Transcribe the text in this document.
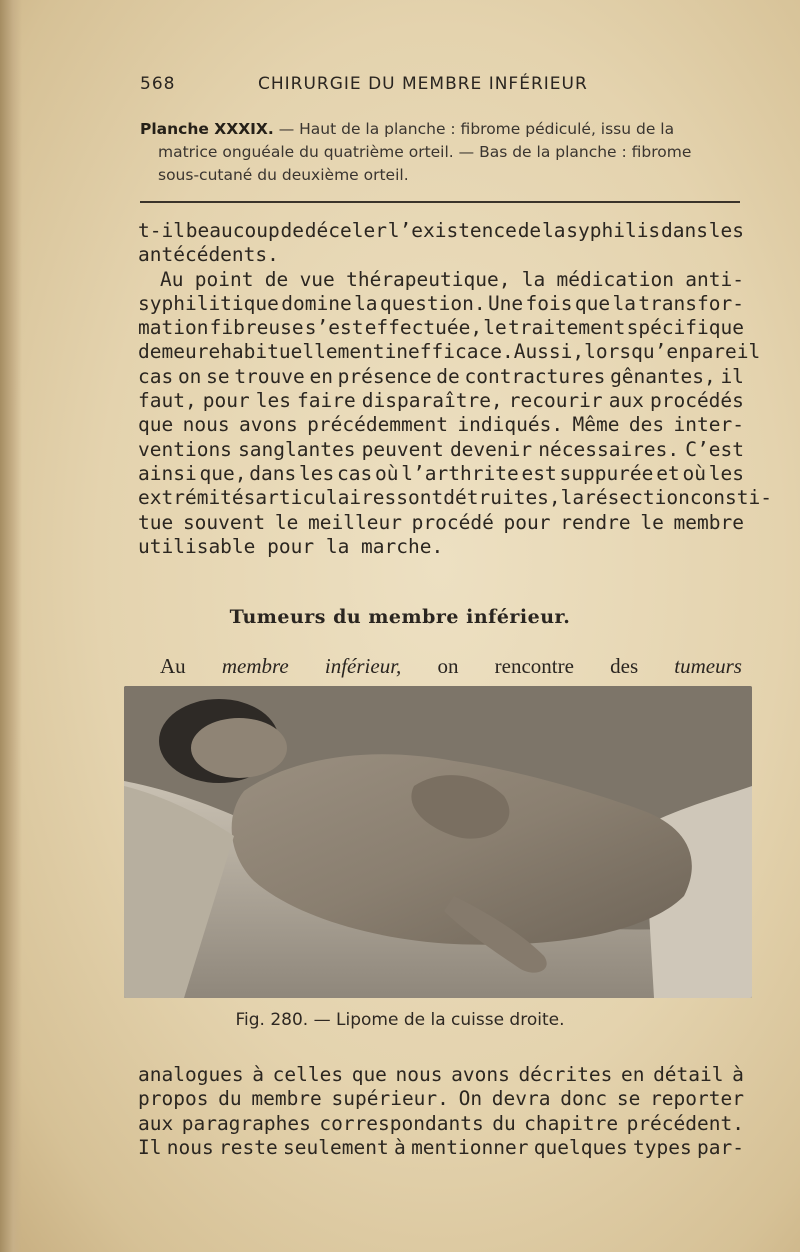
568	CHIRURGIE DU MEMBRE INFÉRIEUR
Planche XXXIX. — Haut de la planche : fibrome pédiculé, issu de la
matrice onguéale du quatrième orteil. — Bas de la planche : fibrome
sous-cutané du deuxième orteil.
t-il beaucoup de déceler l’existence de la syphilis dans les
antécédents.
Au point de vue thérapeutique, la médication anti-
syphilitique domine la question. Une fois que la transfor-
mation fibreuse s’est effectuée, le traitement spécifique
demeure habituellement inefficace. Aussi, lorsqu’en pareil
cas on se trouve en présence de contractures gênantes, il
faut, pour les faire disparaître, recourir aux procédés
que nous avons précédemment indiqués. Même des inter-
ventions sanglantes peuvent devenir nécessaires. C’est
ainsi que, dans les cas où l’arthrite est suppurée et où les
extrémités articulaires sont détruites, la résection consti-
tue souvent le meilleur procédé pour rendre le membre
utilisable pour la marche.
Tumeurs du membre inférieur.
Au membre inférieur, on rencontre des tumeurs
Fig. 280. — Lipome de la cuisse droite.
analogues à celles que nous avons décrites en détail à
propos du membre supérieur. On devra donc se reporter
aux paragraphes correspondants du chapitre précédent.
Il nous reste seulement à mentionner quelques types par-
